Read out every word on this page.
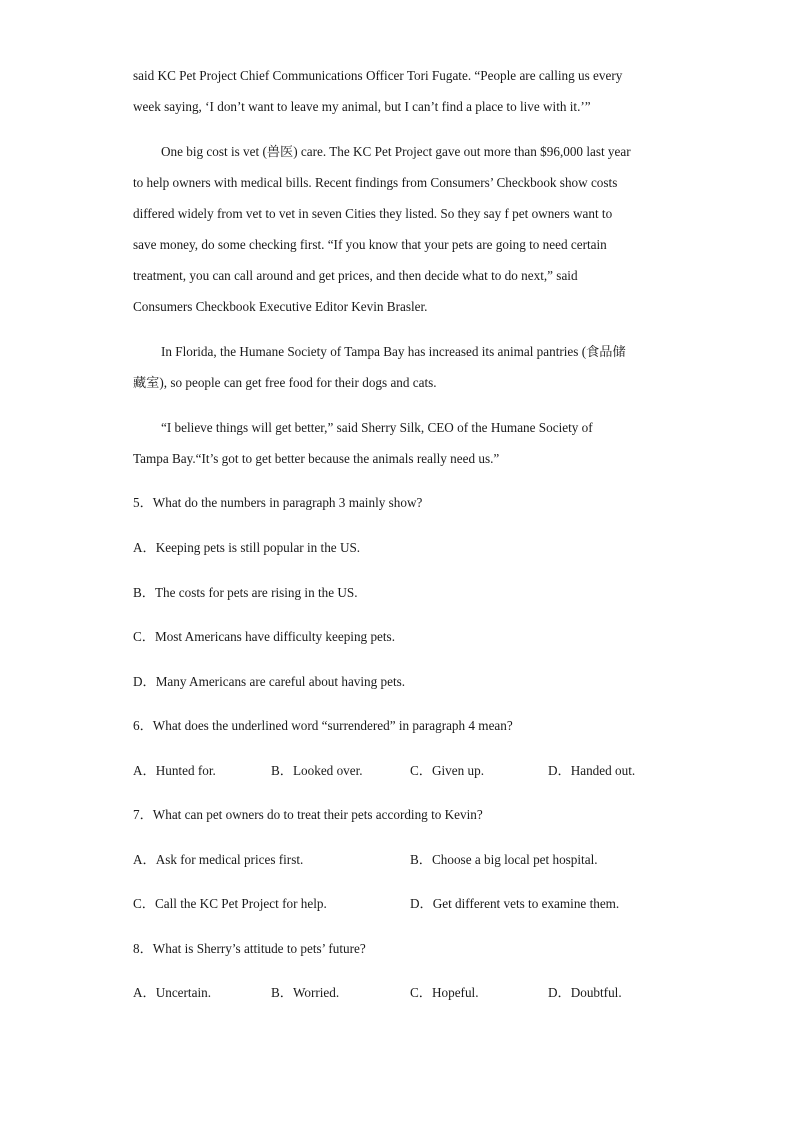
said KC Pet Project Chief Communications Officer Tori Fugate. “People are calling us every
week saying, ‘I don’t want to leave my animal, but I can’t find a place to live with it.’”
One big cost is vet (兽医) care. The KC Pet Project gave out more than $96,000 last year
to help owners with medical bills. Recent findings from Consumers’ Checkbook show costs
differed widely from vet to vet in seven Cities they listed. So they say f pet owners want to
save money, do some checking first. “If you know that your pets are going to need certain
treatment, you can call around and get prices, and then decide what to do next,” said
Consumers Checkbook Executive Editor Kevin Brasler.
In Florida, the Humane Society of Tampa Bay has increased its animal pantries (食品储
藏室), so people can get free food for their dogs and cats.
“I believe things will get better,” said Sherry Silk, CEO of the Humane Society of
Tampa Bay.“It’s got to get better because the animals really need us.”
5．What do the numbers in paragraph 3 mainly show?
A．Keeping pets is still popular in the US.
B．The costs for pets are rising in the US.
C．Most Americans have difficulty keeping pets.
D．Many Americans are careful about having pets.
6．What does the underlined word “surrendered” in paragraph 4 mean?
A．Hunted for.	B．Looked over.	C．Given up.	D．Handed out.
7．What can pet owners do to treat their pets according to Kevin?
A．Ask for medical prices first.	B．Choose a big local pet hospital.
C．Call the KC Pet Project for help.	D．Get different vets to examine them.
8．What is Sherry’s attitude to pets’ future?
A．Uncertain.	B．Worried.	C．Hopeful.	D．Doubtful.
